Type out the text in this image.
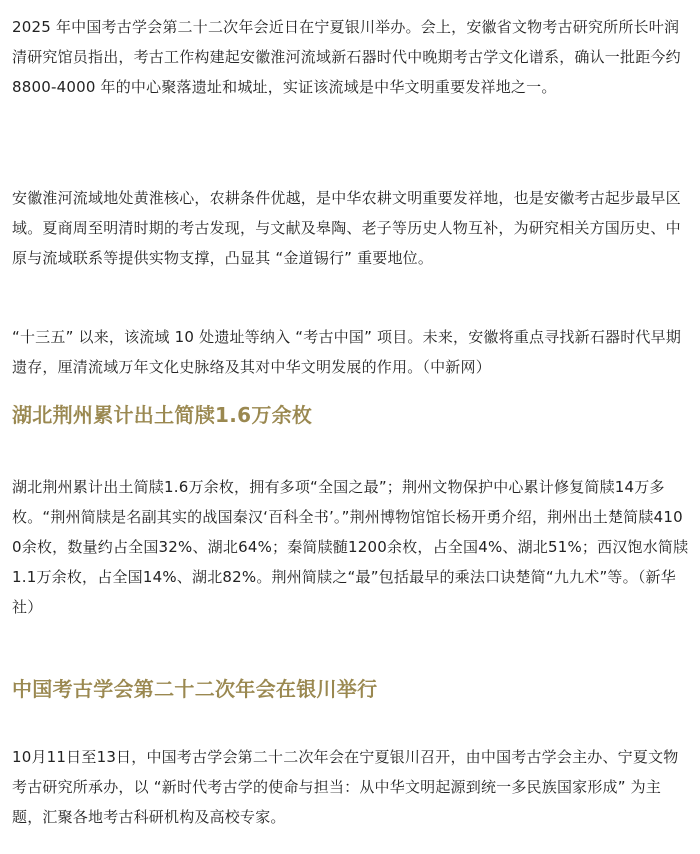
2025 年中国考古学会第二十二次年会近日在宁夏银川举办。会上，安徽省文物考古研究所所长叶润清研究馆员指出，考古工作构建起安徽淮河流域新石器时代中晚期考古学文化谱系，确认一批距今约 8800-4000 年的中心聚落遗址和城址，实证该流域是中华文明重要发祥地之一。

安徽淮河流域地处黄淮核心，农耕条件优越，是中华农耕文明重要发祥地，也是安徽考古起步最早区域。夏商周至明清时期的考古发现，与文献及皋陶、老子等历史人物互补，为研究相关方国历史、中原与流域联系等提供实物支撑，凸显其 “金道锡行” 重要地位。

“十三五” 以来，该流域 10 处遗址等纳入 “考古中国” 项目。未来，安徽将重点寻找新石器时代早期遗存，厘清流域万年文化史脉络及其对中华文明发展的作用。（中新网）

湖北荆州累计出土简牍1.6万余枚

湖北荆州累计出土简牍1.6万余枚，拥有多项“全国之最”；荆州文物保护中心累计修复简牍14万多枚。“荆州简牍是名副其实的战国秦汉‘百科全书’。”荆州博物馆馆长杨开勇介绍，荆州出土楚简牍4100余枚，数量约占全国32%、湖北64%；秦简牍髄1200余枚，占全国4%、湖北51%；西汉饱水简牍1.1万余枚，占全国14%、湖北82%。荆州简牍之“最”包括最早的乘法口诀楚简“九九术”等。（新华社）

中国考古学会第二十二次年会在银川举行

10月11日至13日，中国考古学会第二十二次年会在宁夏银川召开，由中国考古学会主办、宁夏文物考古研究所承办，以 “新时代考古学的使命与担当：从中华文明起源到统一多民族国家形成” 为主题，汇聚各地考古科研机构及高校专家。
